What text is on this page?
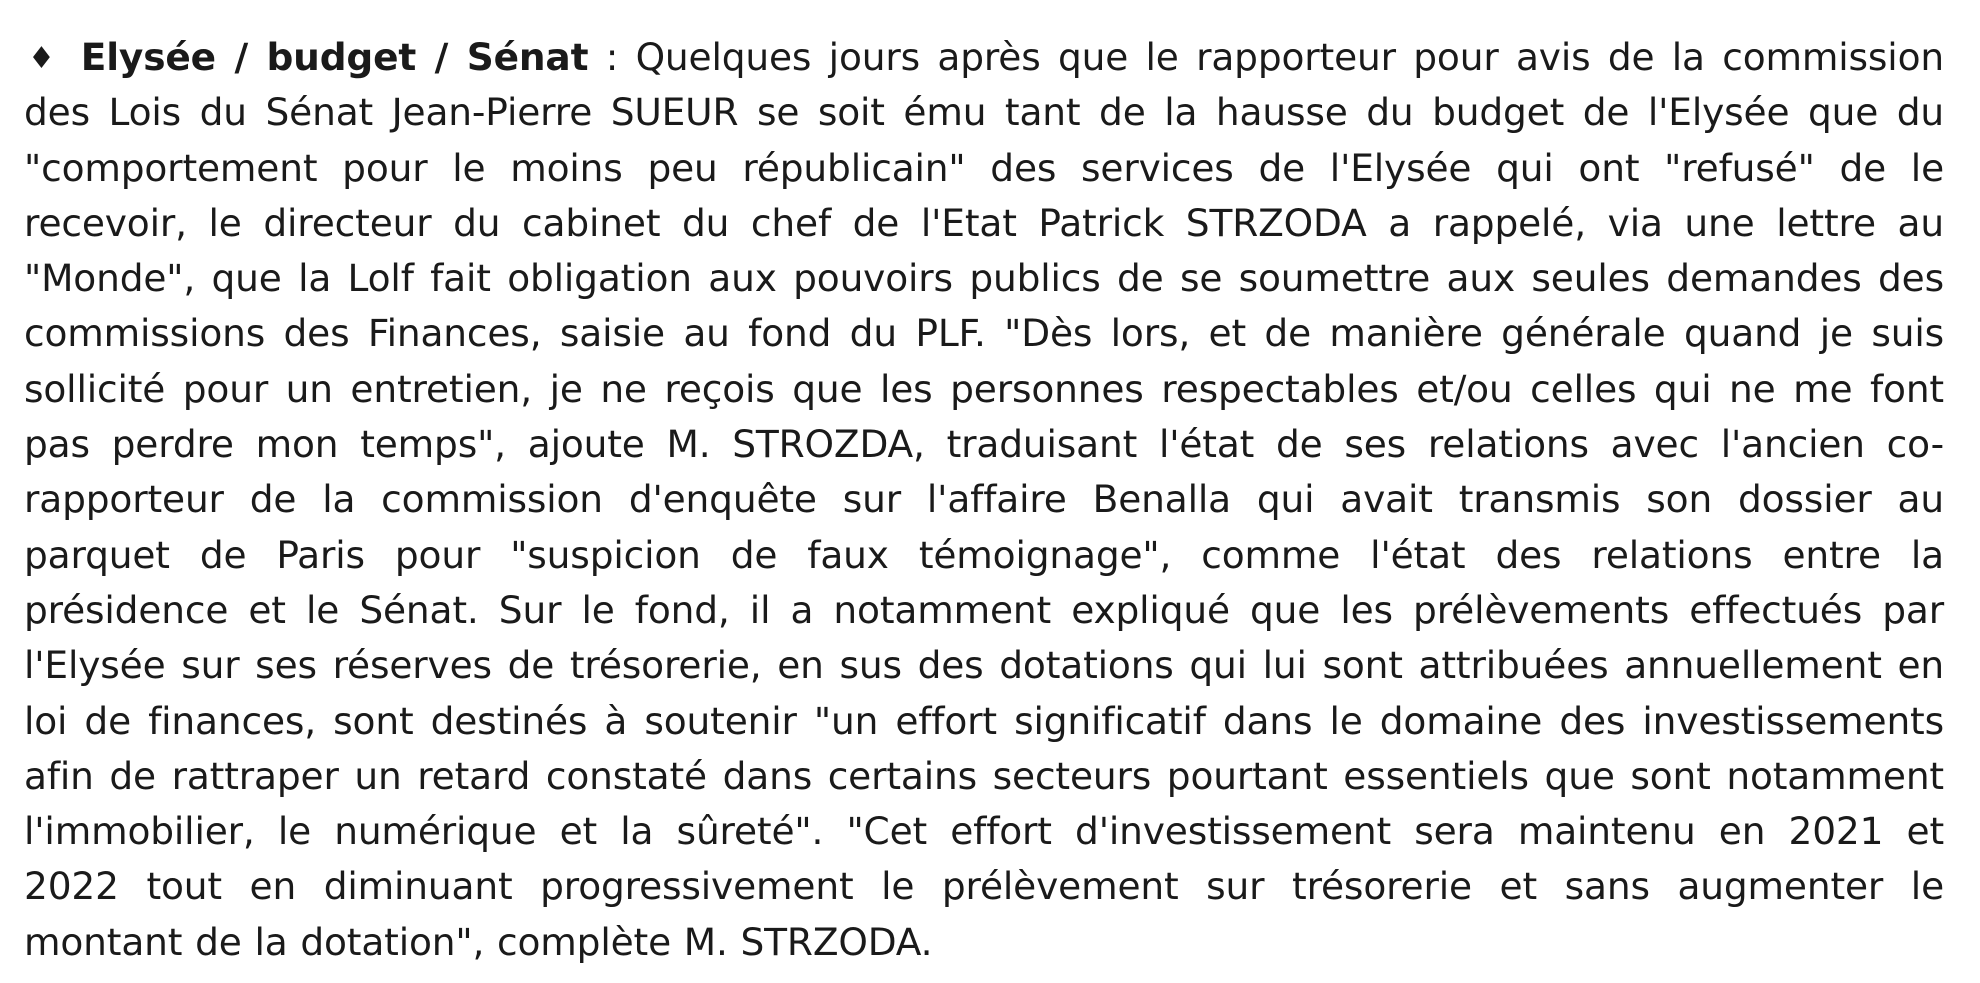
♦ Elysée / budget / Sénat : Quelques jours après que le rapporteur pour avis de la commission
des Lois du Sénat Jean-Pierre SUEUR se soit ému tant de la hausse du budget de l'Elysée que du
"comportement pour le moins peu républicain" des services de l'Elysée qui ont "refusé" de le
recevoir, le directeur du cabinet du chef de l'Etat Patrick STRZODA a rappelé, via une lettre au
"Monde", que la Lolf fait obligation aux pouvoirs publics de se soumettre aux seules demandes des
commissions des Finances, saisie au fond du PLF. "Dès lors, et de manière générale quand je suis
sollicité pour un entretien, je ne reçois que les personnes respectables et/ou celles qui ne me font
pas perdre mon temps", ajoute M. STROZDA, traduisant l'état de ses relations avec l'ancien co-
rapporteur de la commission d'enquête sur l'affaire Benalla qui avait transmis son dossier au
parquet de Paris pour "suspicion de faux témoignage", comme l'état des relations entre la
présidence et le Sénat. Sur le fond, il a notamment expliqué que les prélèvements effectués par
l'Elysée sur ses réserves de trésorerie, en sus des dotations qui lui sont attribuées annuellement en
loi de finances, sont destinés à soutenir "un effort significatif dans le domaine des investissements
afin de rattraper un retard constaté dans certains secteurs pourtant essentiels que sont notamment
l'immobilier, le numérique et la sûreté". "Cet effort d'investissement sera maintenu en 2021 et
2022 tout en diminuant progressivement le prélèvement sur trésorerie et sans augmenter le
montant de la dotation", complète M. STRZODA.
